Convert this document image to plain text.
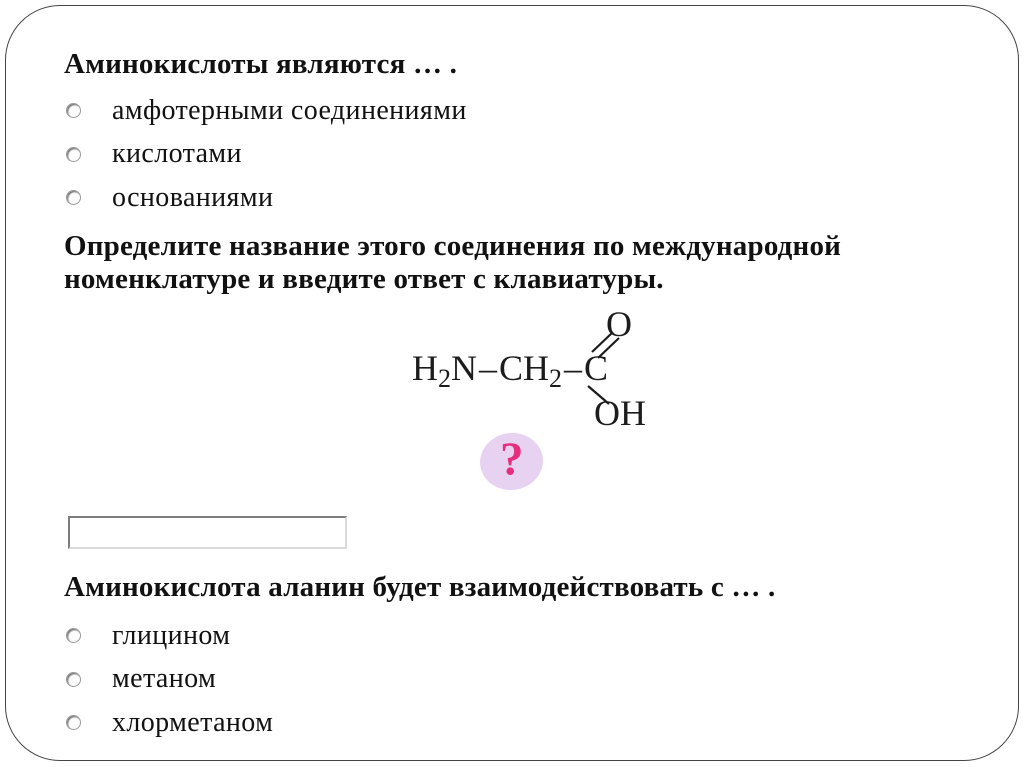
Аминокислоты являются … .
амфотерными соединениями
кислотами
основаниями
Определите название этого соединения по международной номенклатуре и введите ответ с клавиатуры.
H2N–CH2–C
O
OH
?
Аминокислота аланин будет взаимодействовать с … .
глицином
метаном
хлорметаном
